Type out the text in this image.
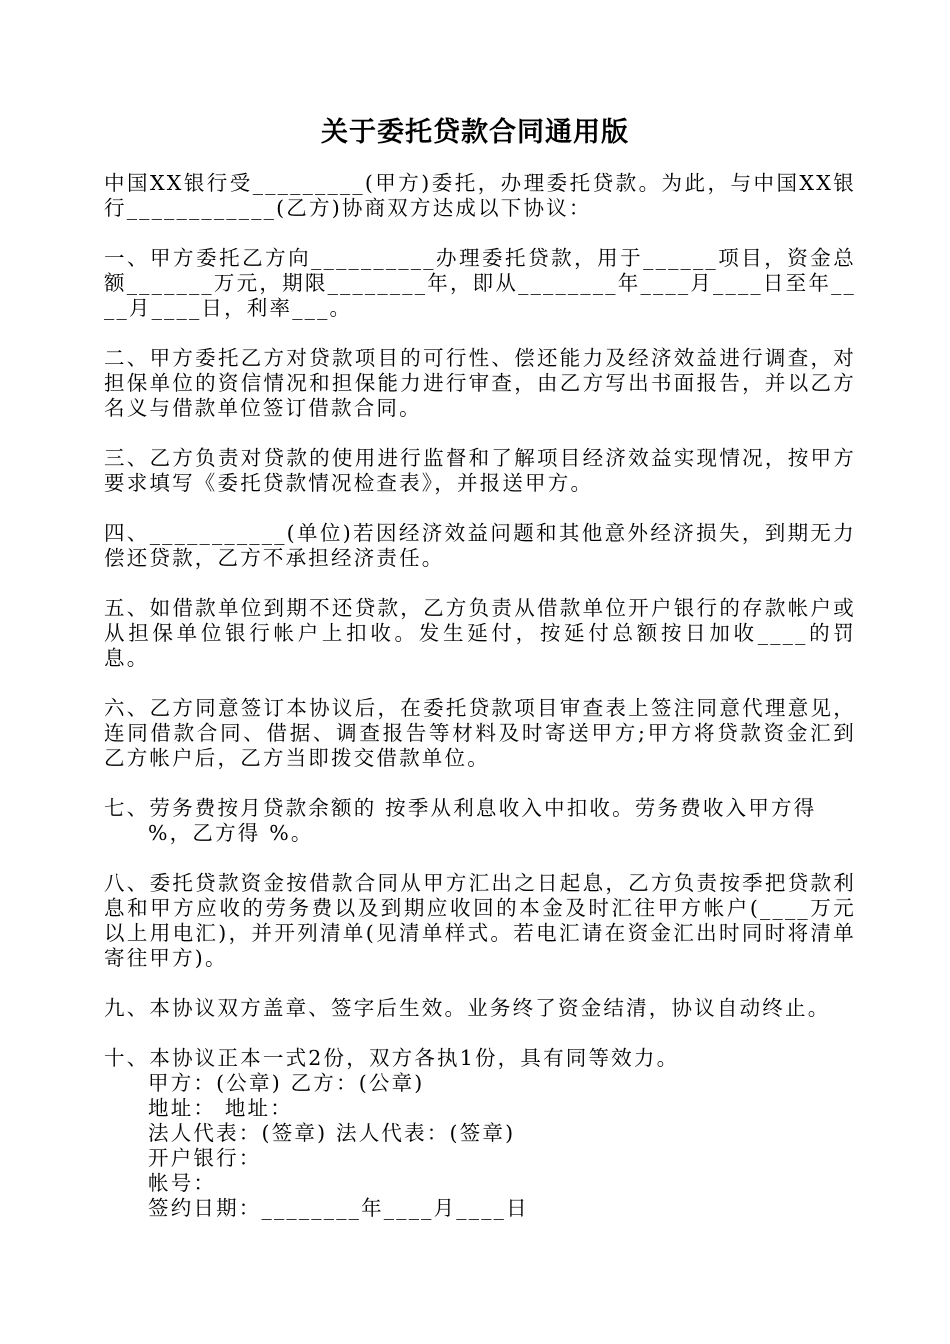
关于委托贷款合同通用版

中国XX银行受_________(甲方)委托，办理委托贷款。为此，与中国XX银行____________(乙方)协商双方达成以下协议：

一、甲方委托乙方向__________办理委托贷款，用于______项目，资金总额_______万元，期限________年，即从________年____月____日至年____月____日，利率___。

二、甲方委托乙方对贷款项目的可行性、偿还能力及经济效益进行调查，对担保单位的资信情况和担保能力进行审查，由乙方写出书面报告，并以乙方名义与借款单位签订借款合同。

三、乙方负责对贷款的使用进行监督和了解项目经济效益实现情况，按甲方要求填写《委托贷款情况检查表》，并报送甲方。

四、___________(单位)若因经济效益问题和其他意外经济损失，到期无力偿还贷款，乙方不承担经济责任。

五、如借款单位到期不还贷款，乙方负责从借款单位开户银行的存款帐户或从担保单位银行帐户上扣收。发生延付，按延付总额按日加收____的罚息。

六、乙方同意签订本协议后，在委托贷款项目审查表上签注同意代理意见，连同借款合同、借据、调查报告等材料及时寄送甲方;甲方将贷款资金汇到乙方帐户后，乙方当即拨交借款单位。

七、劳务费按月贷款余额的 按季从利息收入中扣收。劳务费收入甲方得
%，乙方得 %。

八、委托贷款资金按借款合同从甲方汇出之日起息，乙方负责按季把贷款利息和甲方应收的劳务费以及到期应收回的本金及时汇往甲方帐户(____万元以上用电汇)，并开列清单(见清单样式。若电汇请在资金汇出时同时将清单寄往甲方)。

九、本协议双方盖章、签字后生效。业务终了资金结清，协议自动终止。

十、本协议正本一式2份，双方各执1份，具有同等效力。
甲方：(公章) 乙方：(公章)
地址： 地址：
法人代表：(签章) 法人代表：(签章)
开户银行：
帐号：
签约日期：________年____月____日
